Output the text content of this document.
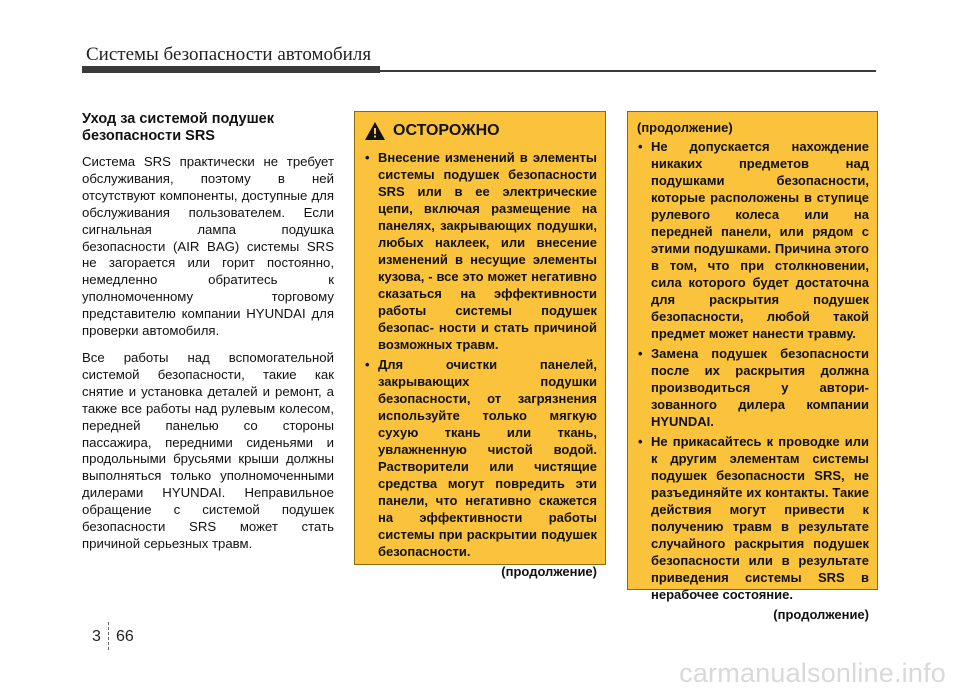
Системы безопасности автомобиля
Уход за системой подушек безопасности SRS

Система SRS практически не требует обслуживания, поэтому в ней отсутствуют компоненты, доступные для обслуживания пользователем. Если сигнальная лампа подушка безопасности (AIR BAG) системы SRS не загорается или горит постоянно, немедленно обратитесь к уполномоченному торговому представителю компании HYUNDAI для проверки автомобиля.

Все работы над вспомогательной системой безопасности, такие как снятие и установка деталей и ремонт, а также все работы над рулевым колесом, передней панелью со стороны пассажира, передними сиденьями и продольными брусьями крыши должны выполняться только уполномоченными дилерами HYUNDAI. Неправильное обращение с системой подушек безопасности SRS может стать причиной серьезных травм.

ОСТОРОЖНО
• Внесение изменений в элементы системы подушек безопасности SRS или в ее электрические цепи, включая размещение на панелях, закрывающих подушки, любых наклеек, или внесение изменений в несущие элементы кузова, - все это может негативно сказаться на эффективности работы системы подушек безопас- ности и стать причиной возможных травм.
• Для очистки панелей, закрывающих подушки безопасности, от загрязнения используйте только мягкую сухую ткань или ткань, увлажненную чистой водой. Растворители или чистящие средства могут повредить эти панели, что негативно скажется на эффективности работы системы при раскрытии подушек безопасности.
(продолжение)
(продолжение)
• Не допускается нахождение никаких предметов над подушками безопасности, которые расположены в ступице рулевого колеса или на передней панели, или рядом с этими подушками. Причина этого в том, что при столкновении, сила которого будет достаточна для раскрытия подушек безопасности, любой такой предмет может нанести травму.
• Замена подушек безопасности после их раскрытия должна производиться у автори- зованного дилера компании HYUNDAI.
• Не прикасайтесь к проводке или к другим элементам системы подушек безопасности SRS, не разъединяйте их контакты. Такие действия могут привести к получению травм в результате случайного раскрытия подушек безопасности или в результате приведения системы SRS в нерабочее состояние.
(продолжение)
3 66
carmanualsonline.info
